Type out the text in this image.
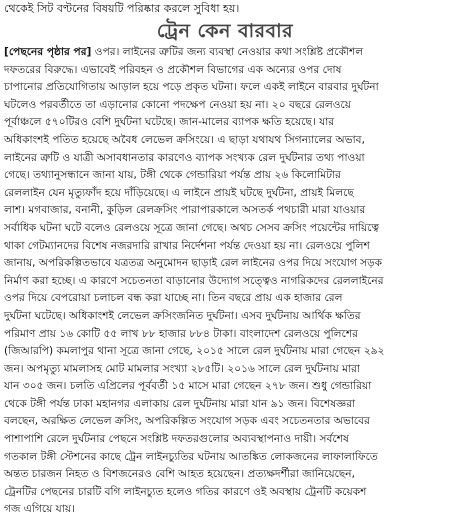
থেকেই সিট বণ্টনের বিষয়টি পরিষ্কার করলে সুবিধা হয়।
ট্রেন কেন বারবার
[পেছনের পৃষ্ঠার পর] ওপর। লাইনের ত্রুটির জন্য ব্যবস্থা নেওয়ার কথা সংশ্লিষ্ট প্রকৌশল
দফতরের বিরুদ্ধে। এভাবেই পরিবহন ও প্রকৌশল বিভাগের এক অন্যের ওপর দোষ
চাপানোর প্রতিযোগিতায় আড়াল হয়ে পড়ে প্রকৃত ঘটনা। ফলে একই লাইনে বারবার দুর্ঘটনা
ঘটলেও পরবর্তীতে তা এড়ানোর কোনো পদক্ষেপ নেওয়া হয় না। ২০ বছরে রেলওয়ে
পূর্বাঞ্চলে ৫৭০টিরও বেশি দুর্ঘটনা ঘটেছে। জান-মালের ব্যাপক ক্ষতি হয়েছে। যার
অধিকাংশই পতিত হয়েছে অবৈধ লেভেল ক্রসিংয়ে। এ ছাড়া যথাযথ সিগন্যালের অভাব,
লাইনের ত্রুটি ও যাত্রী অসাবধানতার কারণেও ব্যাপক সংখ্যক রেল দুর্ঘটনার তথ্য পাওয়া
গেছে। তথ্যানুসন্ধানে জানা যায়, টঙ্গী থেকে গেন্ডারিয়া পর্যন্ত প্রায় ২৬ কিলোমিটার
রেললাইন যেন মৃত্যুফাঁদ হয়ে দাঁড়িয়েছে। এ লাইনে প্রায়ই ঘটছে দুর্ঘটনা, প্রায়ই মিলছে
লাশ। মগবাজার, বনানী, কুড়িল রেলক্রসিং পারাপারকালে অসতর্ক পথচারী মারা যাওয়ার
সর্বাধিক ঘটনা ঘটে বলেও রেলওয়ে সূত্রে জানা গেছে। অথচ সেসব ক্রসিং পয়েন্টের দায়িত্বে
থাকা গেটম্যানদের বিশেষ নজরদারি রাখার নির্দেশনা পর্যন্ত দেওয়া হয় না। রেলওয়ে পুলিশ
জানায়, অপরিকল্পিতভাবে যত্রতত্র অনুমোদন ছাড়াই রেল লাইনের ওপর দিয়ে সংযোগ সড়ক
নির্মাণ করা হচ্ছে। এ কারণে সচেতনতা বাড়ানোর উদ্যোগ সত্ত্বেও নাগরিকদের রেললাইনের
ওপর দিয়ে বেপরোয়া চলাচল বন্ধ করা যাচ্ছে না। তিন বছরে প্রায় এক হাজার রেল
দুর্ঘটনা ঘটেছে। অধিকাংশই লেভেল ক্রসিংজনিত দুর্ঘটনা। এসব দুর্ঘটনায় আর্থিক ক্ষতির
পরিমাণ প্রায় ১৬ কোটি ৫৫ লাখ ৮৮ হাজার ৮৮৪ টাকা। বাংলাদেশ রেলওয়ে পুলিশের
(জিআরপি) কমলাপুর থানা সূত্রে জানা গেছে, ২০১৫ সালে রেল দুর্ঘটনায় মারা গেছেন ২৯২
জন। অপমৃত্যু মামলাসহ মোট মামলার সংখ্যা ২৮৫টি। ২০১৬ সালে রেল দুর্ঘটনায় মারা
যান ৩০৫ জন। চলতি এপ্রিলের পূর্ববর্তী ১৫ মাসে মারা গেছেন ২৭৮ জন। শুধু গেন্ডারিয়া
থেকে টঙ্গী পর্যন্ত ঢাকা মহানগর এলাকায় রেল দুর্ঘটনায় মারা যান ৯১ জন। বিশেষজ্ঞরা
বলছেন, অরক্ষিত লেভেল ক্রসিং, অপরিকল্পিত সংযোগ সড়ক এবং সচেতনতার অভাবের
পাশাপাশি রেলে দুর্ঘটনার পেছনে সংশ্লিষ্ট দফতরগুলোর অব্যবস্থাপনাও দায়ী। সর্বশেষ
গতকাল টঙ্গী স্টেশনের কাছে ট্রেন লাইনচ্যুতির ঘটনায় আতঙ্কিত লোকজনের লাফালাফিতে
অন্তত চারজন নিহত ও বিশজনেরও বেশি আহত হয়েছেন। প্রত্যক্ষদর্শীরা জানিয়েছেন,
ট্রেনটির পেছনের চারটি বগি লাইনচ্যুত হলেও গতির কারণে ওই অবস্থায় ট্রেনটি কয়েকশ
গজ এগিয়ে যায়।
